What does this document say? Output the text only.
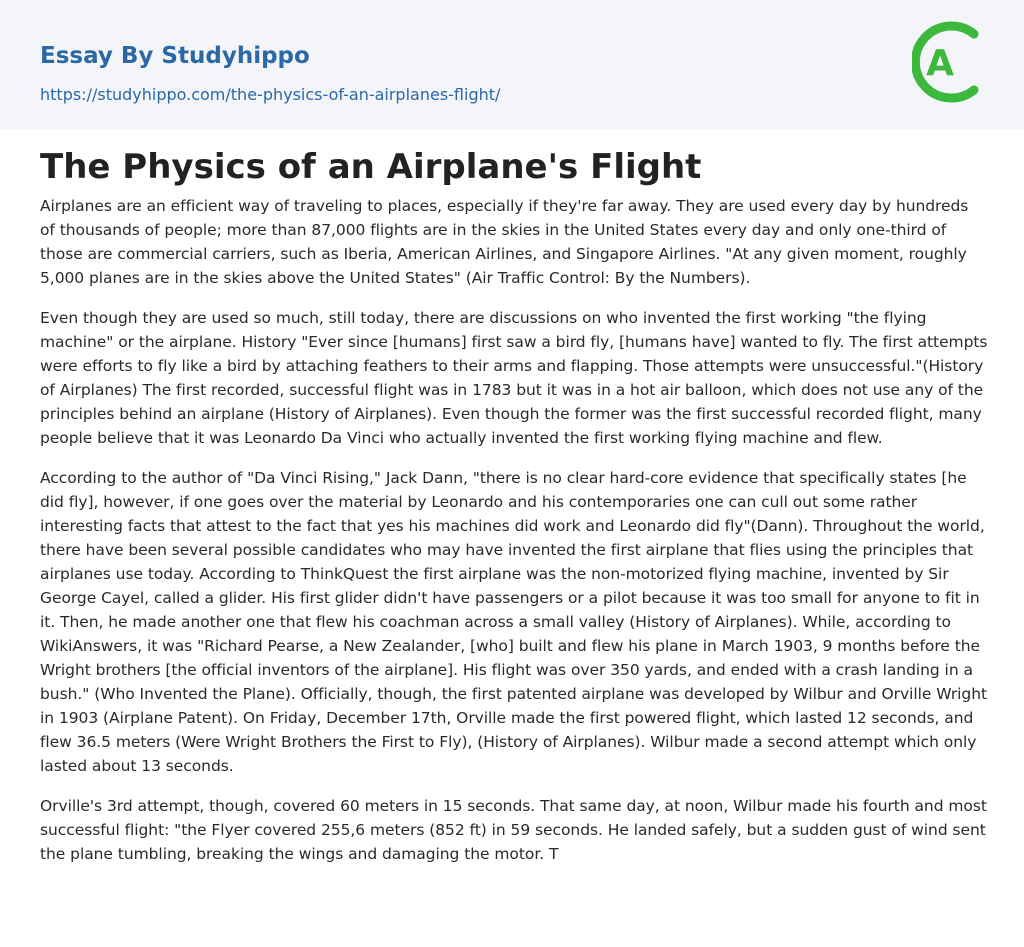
Essay By Studyhippo
https://studyhippo.com/the-physics-of-an-airplanes-flight/
A
The Physics of an Airplane's Flight

Airplanes are an efficient way of traveling to places, especially if they're far away. They are used every day by hundreds of thousands of people; more than 87,000 flights are in the skies in the United States every day and only one-third of those are commercial carriers, such as Iberia, American Airlines, and Singapore Airlines. "At any given moment, roughly 5,000 planes are in the skies above the United States" (Air Traffic Control: By the Numbers).

Even though they are used so much, still today, there are discussions on who invented the first working "the flying machine" or the airplane. History "Ever since [humans] first saw a bird fly, [humans have] wanted to fly. The first attempts were efforts to fly like a bird by attaching feathers to their arms and flapping. Those attempts were unsuccessful."(History of Airplanes) The first recorded, successful flight was in 1783 but it was in a hot air balloon, which does not use any of the principles behind an airplane (History of Airplanes). Even though the former was the first successful recorded flight, many people believe that it was Leonardo Da Vinci who actually invented the first working flying machine and flew.

According to the author of "Da Vinci Rising," Jack Dann, "there is no clear hard-core evidence that specifically states [he did fly], however, if one goes over the material by Leonardo and his contemporaries one can cull out some rather interesting facts that attest to the fact that yes his machines did work and Leonardo did fly"(Dann). Throughout the world, there have been several possible candidates who may have invented the first airplane that flies using the principles that airplanes use today. According to ThinkQuest the first airplane was the non-motorized flying machine, invented by Sir George Cayel, called a glider. His first glider didn't have passengers or a pilot because it was too small for anyone to fit in it. Then, he made another one that flew his coachman across a small valley (History of Airplanes). While, according to WikiAnswers, it was "Richard Pearse, a New Zealander, [who] built and flew his plane in March 1903, 9 months before the Wright brothers [the official inventors of the airplane]. His flight was over 350 yards, and ended with a crash landing in a bush." (Who Invented the Plane). Officially, though, the first patented airplane was developed by Wilbur and Orville Wright in 1903 (Airplane Patent). On Friday, December 17th, Orville made the first powered flight, which lasted 12 seconds, and flew 36.5 meters (Were Wright Brothers the First to Fly), (History of Airplanes). Wilbur made a second attempt which only lasted about 13 seconds.

Orville's 3rd attempt, though, covered 60 meters in 15 seconds. That same day, at noon, Wilbur made his fourth and most successful flight: "the Flyer covered 255,6 meters (852 ft) in 59 seconds. He landed safely, but a sudden gust of wind sent the plane tumbling, breaking the wings and damaging the motor. T
